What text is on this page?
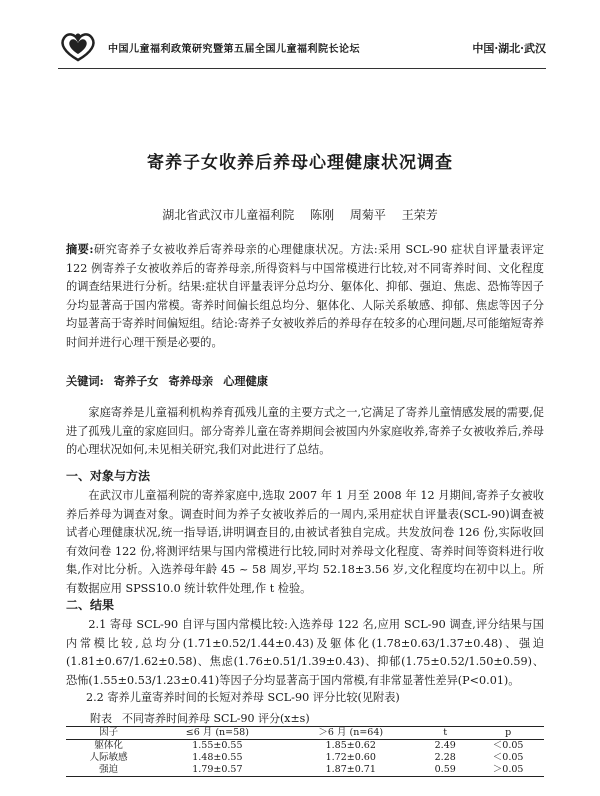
中国儿童福利政策研究暨第五届全国儿童福利院长论坛	中国·湖北·武汉
寄养子女收养后养母心理健康状况调查
湖北省武汉市儿童福利院 陈刚 周菊平 王荣芳
摘要:研究寄养子女被收养后寄养母亲的心理健康状况。方法:采用 SCL-90 症状自评量表评定 122 例寄养子女被收养后的寄养母亲,所得资料与中国常模进行比较,对不同寄养时间、文化程度的调查结果进行分析。结果:症状自评量表评分总均分、躯体化、抑郁、强迫、焦虑、恐怖等因子分均显著高于国内常模。寄养时间偏长组总均分、躯体化、人际关系敏感、抑郁、焦虑等因子分均显著高于寄养时间偏短组。结论:寄养子女被收养后的养母存在较多的心理问题,尽可能缩短寄养时间并进行心理干预是必要的。
关键词: 寄养子女 寄养母亲 心理健康
家庭寄养是儿童福利机构养育孤残儿童的主要方式之一,它满足了寄养儿童情感发展的需要,促进了孤残儿童的家庭回归。部分寄养儿童在寄养期间会被国内外家庭收养,寄养子女被收养后,养母的心理状况如何,未见相关研究,我们对此进行了总结。
一、对象与方法
在武汉市儿童福利院的寄养家庭中,选取 2007 年 1 月至 2008 年 12 月期间,寄养子女被收养后养母为调查对象。调查时间为养子女被收养后的一周内,采用症状自评量表(SCL-90)调查被试者心理健康状况,统一指导语,讲明调查目的,由被试者独自完成。共发放问卷 126 份,实际收回有效问卷 122 份,将测评结果与国内常模进行比较,同时对养母文化程度、寄养时间等资料进行收集,作对比分析。入选养母年龄 45 ~ 58 周岁,平均 52.18±3.56 岁,文化程度均在初中以上。所有数据应用 SPSS10.0 统计软件处理,作 t 检验。
二、结果
2.1 寄母 SCL-90 自评与国内常模比较:入选养母 122 名,应用 SCL-90 调查,评分结果与国内常模比较,总均分(1.71±0.52/1.44±0.43)及躯体化(1.78±0.63/1.37±0.48)、强迫(1.81±0.67/1.62±0.58)、焦虑(1.76±0.51/1.39±0.43)、抑郁(1.75±0.52/1.50±0.59)、恐怖(1.55±0.53/1.23±0.41)等因子分均显著高于国内常模,有非常显著性差异(P<0.01)。
2.2 寄养儿童寄养时间的长短对养母 SCL-90 评分比较(见附表)
附表 不同寄养时间养母 SCL-90 评分(x±s)
因子	≤6 月 (n=58)	＞6 月 (n=64)	t	p
躯体化	1.55±0.55	1.85±0.62	2.49	＜0.05
人际敏感	1.48±0.55	1.72±0.60	2.28	＜0.05
强迫	1.79±0.57	1.87±0.71	0.59	＞0.05
